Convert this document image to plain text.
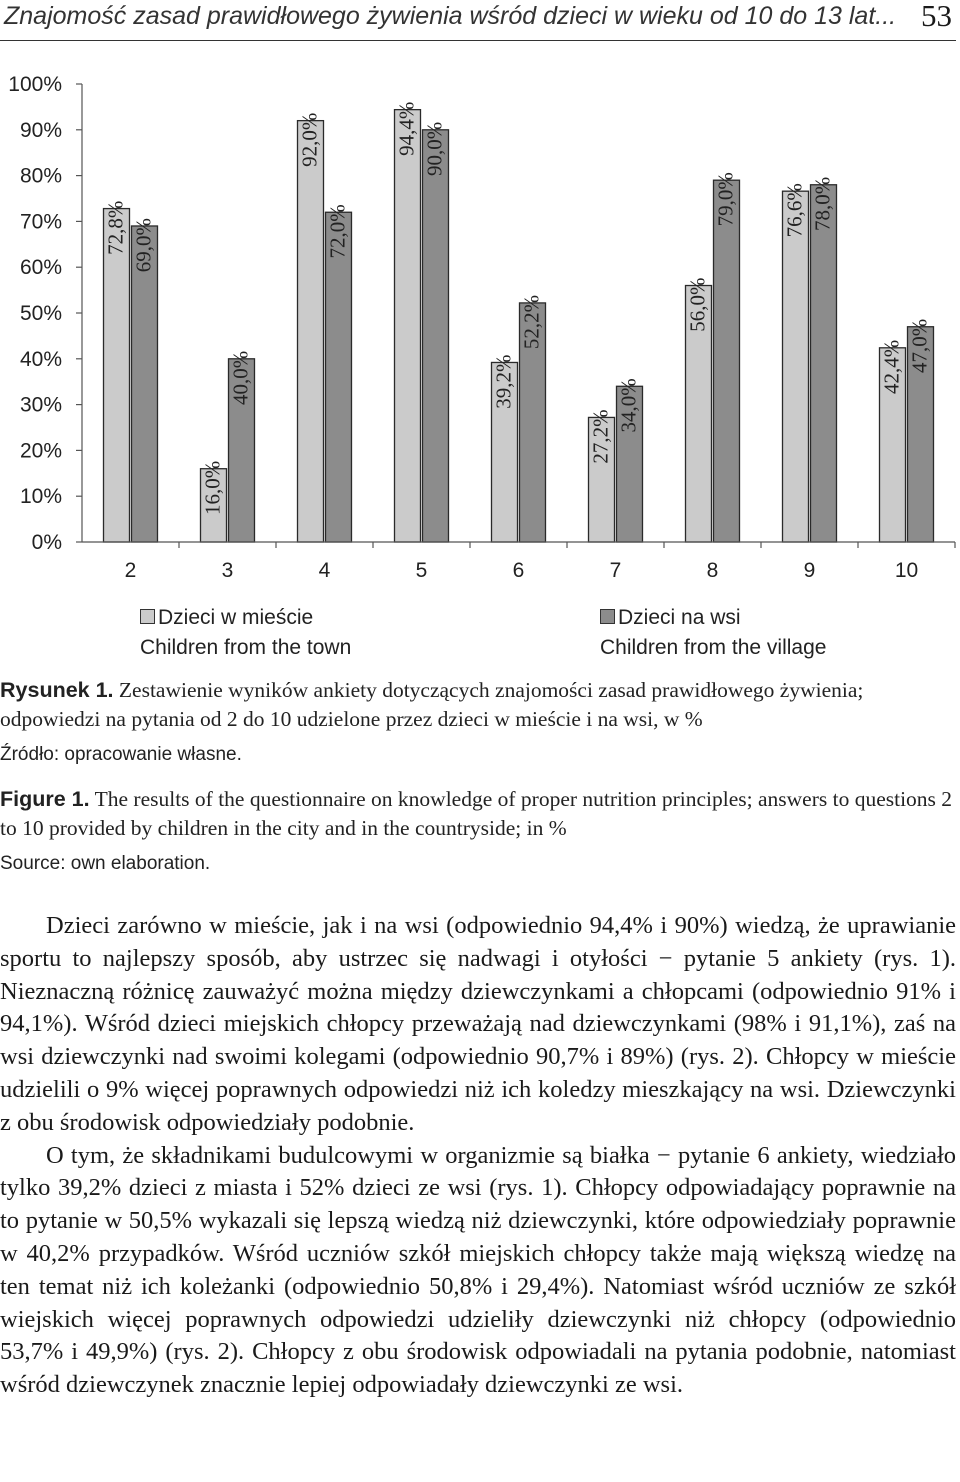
Znajomość zasad prawidłowego żywienia wśród dzieci w wieku od 10 do 13 lat... 53
0%
10%
20%
30%
40%
50%
60%
70%
80%
90%
100%
72,8% 69,0%
16,0%
40,0%
92,0%
72,0%
94,4% 90,0%
39,2%
52,2%
27,2%
34,0%
56,0%
79,0% 76,6% 78,0%
42,4% 47,0%
2	3	4	5	6	7	8	9	10
Dzieci w mieście
Children from the town
Dzieci na wsi
Children from the village
Rysunek 1. Zestawienie wyników ankiety dotyczących znajomości zasad prawidłowego żywienia; odpowiedzi na pytania od 2 do 10 udzielone przez dzieci w mieście i na wsi, w %
Źródło: opracowanie własne.
Figure 1. The results of the questionnaire on knowledge of proper nutrition principles; answers to questions 2 to 10 provided by children in the city and in the countryside; in %
Source: own elaboration.

Dzieci zarówno w mieście, jak i na wsi (odpowiednio 94,4% i 90%) wiedzą, że uprawianie sportu to najlepszy sposób, aby ustrzec się nadwagi i otyłości − pytanie 5 ankiety (rys. 1). Nieznaczną różnicę zauważyć można między dziewczynkami a chłopcami (odpowiednio 91% i 94,1%). Wśród dzieci miejskich chłopcy przeważają nad dziewczynkami (98% i 91,1%), zaś na wsi dziewczynki nad swoimi kolegami (odpowiednio 90,7% i 89%) (rys. 2). Chłopcy w mieście udzielili o 9% więcej poprawnych odpowiedzi niż ich koledzy mieszkający na wsi. Dziewczynki z obu środowisk odpowiedziały podobnie.

O tym, że składnikami budulcowymi w organizmie są białka − pytanie 6 ankiety, wiedziało tylko 39,2% dzieci z miasta i 52% dzieci ze wsi (rys. 1). Chłopcy odpowiadający poprawnie na to pytanie w 50,5% wykazali się lepszą wiedzą niż dziewczynki, które odpowiedziały poprawnie w 40,2% przypadków. Wśród uczniów szkół miejskich chłopcy także mają większą wiedzę na ten temat niż ich koleżanki (odpowiednio 50,8% i 29,4%). Natomiast wśród uczniów ze szkół wiejskich więcej poprawnych odpowiedzi udzieliły dziewczynki niż chłopcy (odpowiednio 53,7% i 49,9%) (rys. 2). Chłopcy z obu środowisk odpowiadali na pytania podobnie, natomiast wśród dziewczynek znacznie lepiej odpowiadały dziewczynki ze wsi.
